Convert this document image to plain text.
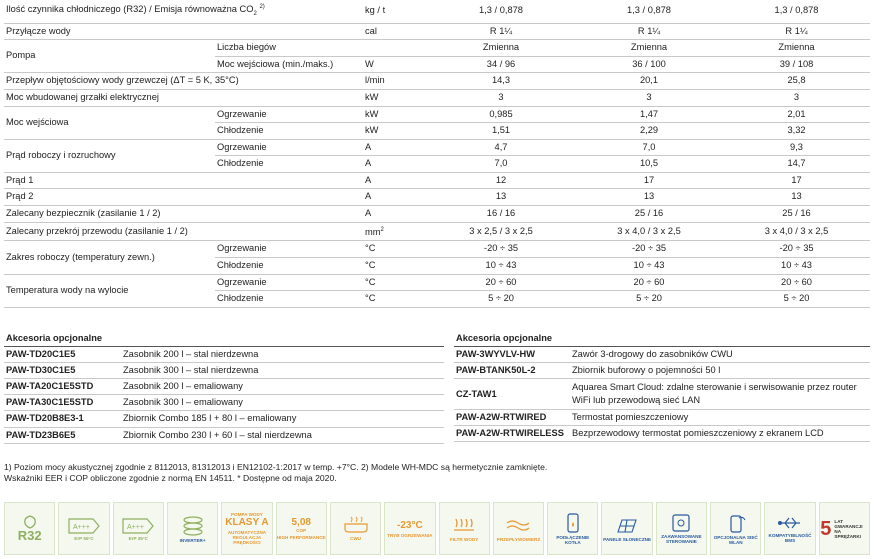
Ilość czynnika chłodniczego (R32) / Emisja równoważna $CO_2$ $^{2)}$		kg / t	1,3 / 0,878	1,3 / 0,878	1,3 / 0,878
Przyłącze wody		cal	R 1¼	R 1¼	R 1¼
Pompa	Liczba biegów		Zmienna	Zmienna	Zmienna
	Moc wejściowa (min./maks.)	W	34 / 96	36 / 100	39 / 108
Przepływ objętościowy wody grzewczej (ΔT = 5 K, 35°C)		l/min	14,3	20,1	25,8
Moc wbudowanej grzałki elektrycznej		kW	3	3	3
Moc wejściowa	Ogrzewanie	kW	0,985	1,47	2,01
	Chłodzenie	kW	1,51	2,29	3,32
Prąd roboczy i rozruchowy	Ogrzewanie	A	4,7	7,0	9,3
	Chłodzenie	A	7,0	10,5	14,7
Prąd 1		A	12	17	17
Prąd 2		A	13	13	13
Zalecany bezpiecznik (zasilanie 1 / 2)		A	16 / 16	25 / 16	25 / 16
Zalecany przekrój przewodu (zasilanie 1 / 2)		$mm^2$	3 x 2,5 / 3 x 2,5	3 x 4,0 / 3 x 2,5	3 x 4,0 / 3 x 2,5
Zakres roboczy (temperatury zewn.)	Ogrzewanie	°C	-20 ÷ 35	-20 ÷ 35	-20 ÷ 35
	Chłodzenie	°C	10 ÷ 43	10 ÷ 43	10 ÷ 43
Temperatura wody na wylocie	Ogrzewanie	°C	20 ÷ 60	20 ÷ 60	20 ÷ 60
	Chłodzenie	°C	5 ÷ 20	5 ÷ 20	5 ÷ 20
Akcesoria opcjonalne	
PAW-TD20C1E5	Zasobnik 200 l – stal nierdzewna
PAW-TD30C1E5	Zasobnik 300 l – stal nierdzewna
PAW-TA20C1E5STD	Zasobnik 200 l – emaliowany
PAW-TA30C1E5STD	Zasobnik 300 l – emaliowany
PAW-TD20B8E3-1	Zbiornik Combo 185 l + 80 l – emaliowany
PAW-TD23B6E5	Zbiornik Combo 230 l + 60 l – stal nierdzewna
Akcesoria opcjonalne	
PAW-3WYVLV-HW	Zawór 3-drogowy do zasobników CWU
PAW-BTANK50L-2	Zbiornik buforowy o pojemności 50 l
CZ-TAW1	Aquarea Smart Cloud: zdalne sterowanie i serwisowanie przez router WiFi lub przewodową sieć LAN
PAW-A2W-RTWIRED	Termostat pomieszczeniowy
PAW-A2W-RTWIRELESS	Bezprzewodowy termostat pomieszczeniowy z ekranem LCD
1) Poziom mocy akustycznej zgodnie z 8112013, 81312013 i EN12102-1:2017 w temp. +7°C. 2) Modele WH-MDC są hermetycznie zamknięte.
Wskaźniki EER i COP obliczone zgodnie z normą EN 14511. * Dostępne od maja 2020.
R32
A+++
ErP 55°C
A+++
ErP 35°C	INVERTER+
POMPA WODY
KLASY A
AUTOMATYCZNA REGULACJA PRĘDKOŚCI
5,08
COP
HIGH PERFORMANCE	CWU
-23°C
TRYB OGRZEWANIA
FILTR WODY	PRZEPŁYWOMIERZ	PODŁĄCZENIE KOTŁA
PANELE SŁONECZNE	ZAAWANSOWANE STEROWANIE
OPCJONALNA SIEĆ WLAN
KOMPATYBILNOŚĆ BMS
5 LAT GWARANCJI NA SPRĘŻARKI
